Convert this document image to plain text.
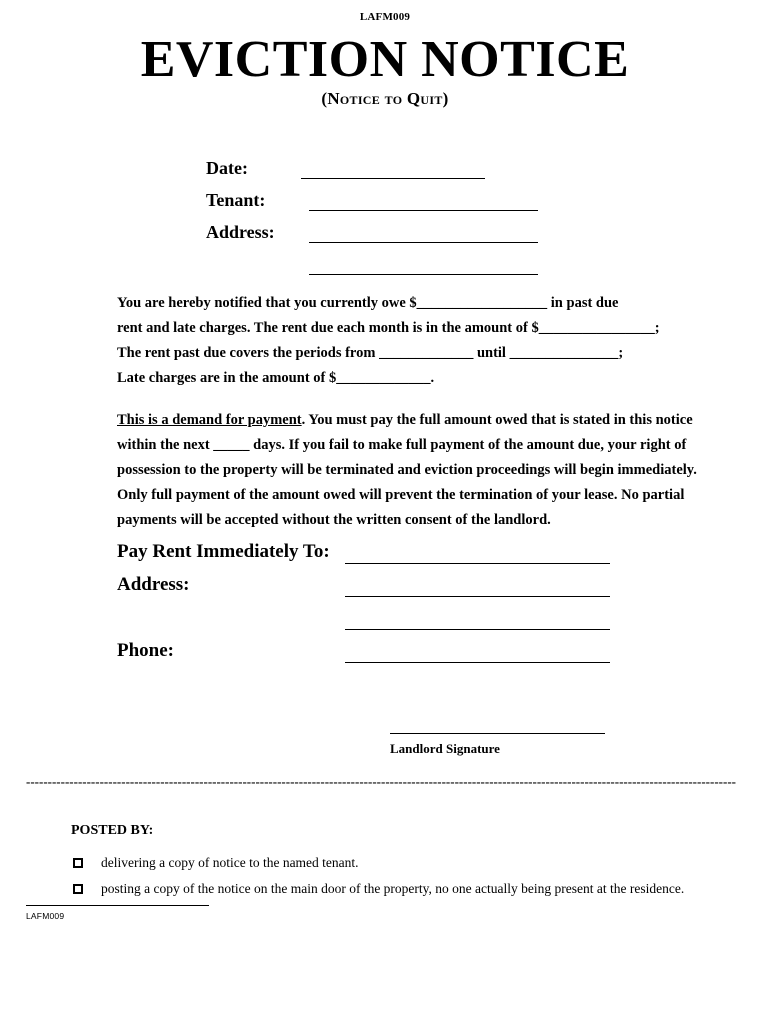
LAFM009
EVICTION NOTICE
(Notice to Quit)
Date:
Tenant:
Address:
You are hereby notified that you currently owe $__________________ in past due
rent and late charges. The rent due each month is in the amount of $________________;
The rent past due covers the periods from _____________ until _______________;
Late charges are in the amount of $_____________.
This is a demand for payment. You must pay the full amount owed that is stated in this notice within the next _____ days. If you fail to make full payment of the amount due, your right of possession to the property will be terminated and eviction proceedings will begin immediately. Only full payment of the amount owed will prevent the termination of your lease. No partial payments will be accepted without the written consent of the landlord.
Pay Rent Immediately To:
Address:
Phone:
Landlord Signature
--------------------------------------------------------------------------------------------------------------------------------------------------------------------
POSTED BY:
delivering a copy of notice to the named tenant.
posting a copy of the notice on the main door of the property, no one actually being present at the residence.
LAFM009
